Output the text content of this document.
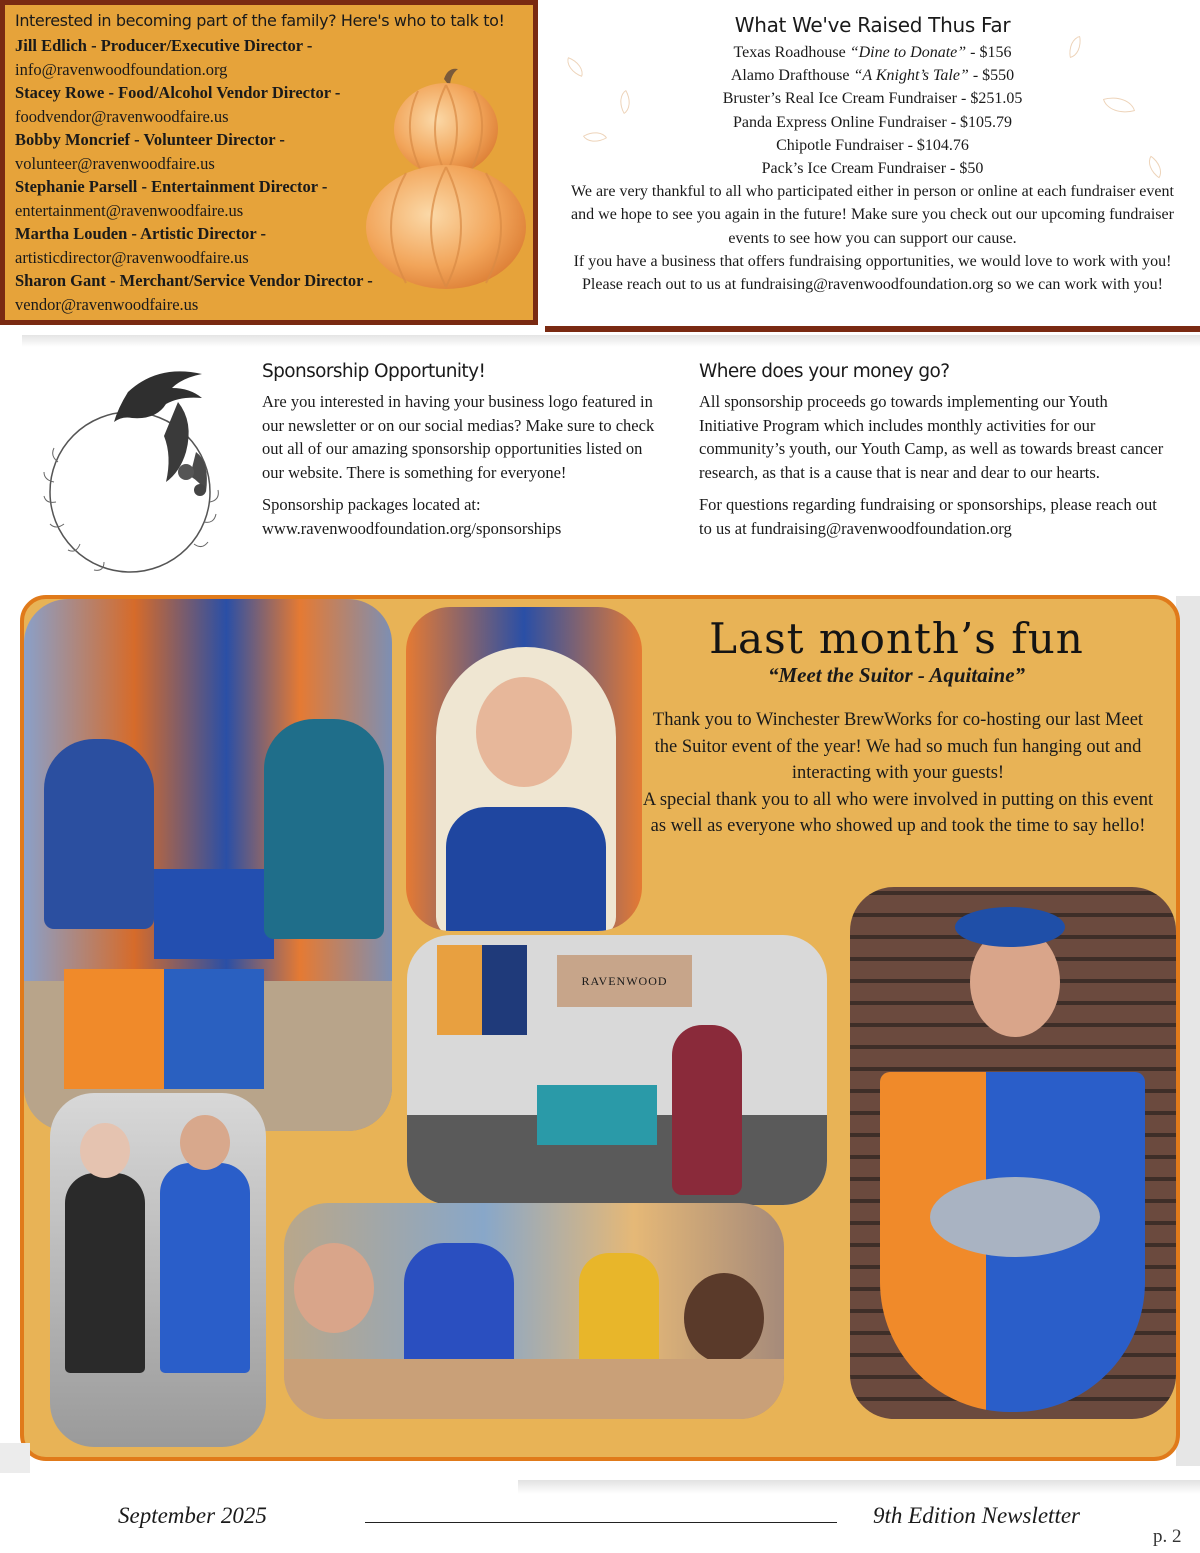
Interested in becoming part of the family? Here's who to talk to!
Jill Edlich - Producer/Executive Director -
info@ravenwoodfoundation.org
Stacey Rowe - Food/Alcohol Vendor Director -
foodvendor@ravenwoodfaire.us
Bobby Moncrief - Volunteer Director -
volunteer@ravenwoodfaire.us
Stephanie Parsell - Entertainment Director -
entertainment@ravenwoodfaire.us
Martha Louden - Artistic Director -
artisticdirector@ravenwoodfaire.us
Sharon Gant - Merchant/Service Vendor Director -
vendor@ravenwoodfaire.us
What We've Raised Thus Far
Texas Roadhouse “Dine to Donate” - $156
Alamo Drafthouse “A Knight’s Tale” - $550
Bruster’s Real Ice Cream Fundraiser - $251.05
Panda Express Online Fundraiser - $105.79
Chipotle Fundraiser - $104.76
Pack’s Ice Cream Fundraiser - $50
We are very thankful to all who participated either in person or online at each fundraiser event and we hope to see you again in the future! Make sure you check out our upcoming fundraiser events to see how you can support our cause.
If you have a business that offers fundraising opportunities, we would love to work with you! Please reach out to us at fundraising@ravenwoodfoundation.org so we can work with you!
Sponsorship Opportunity!

Are you interested in having your business logo featured in our newsletter or on our social medias? Make sure to check out all of our amazing sponsorship opportunities listed on our website. There is something for everyone!

Sponsorship packages located at: www.ravenwoodfoundation.org/sponsorships

Where does your money go?

All sponsorship proceeds go towards implementing our Youth Initiative Program which includes monthly activities for our community’s youth, our Youth Camp, as well as towards breast cancer research, as that is a cause that is near and dear to our hearts.

For questions regarding fundraising or sponsorships, please reach out to us at fundraising@ravenwoodfoundation.org

RAVENWOOD
Last month’s fun
“Meet the Suitor - Aquitaine”
Thank you to Winchester BrewWorks for co-hosting our last Meet the Suitor event of the year! We had so much fun hanging out and interacting with your guests!
A special thank you to all who were involved in putting on this event as well as everyone who showed up and took the time to say hello!
September 2025	9th Edition Newsletter
p. 2
